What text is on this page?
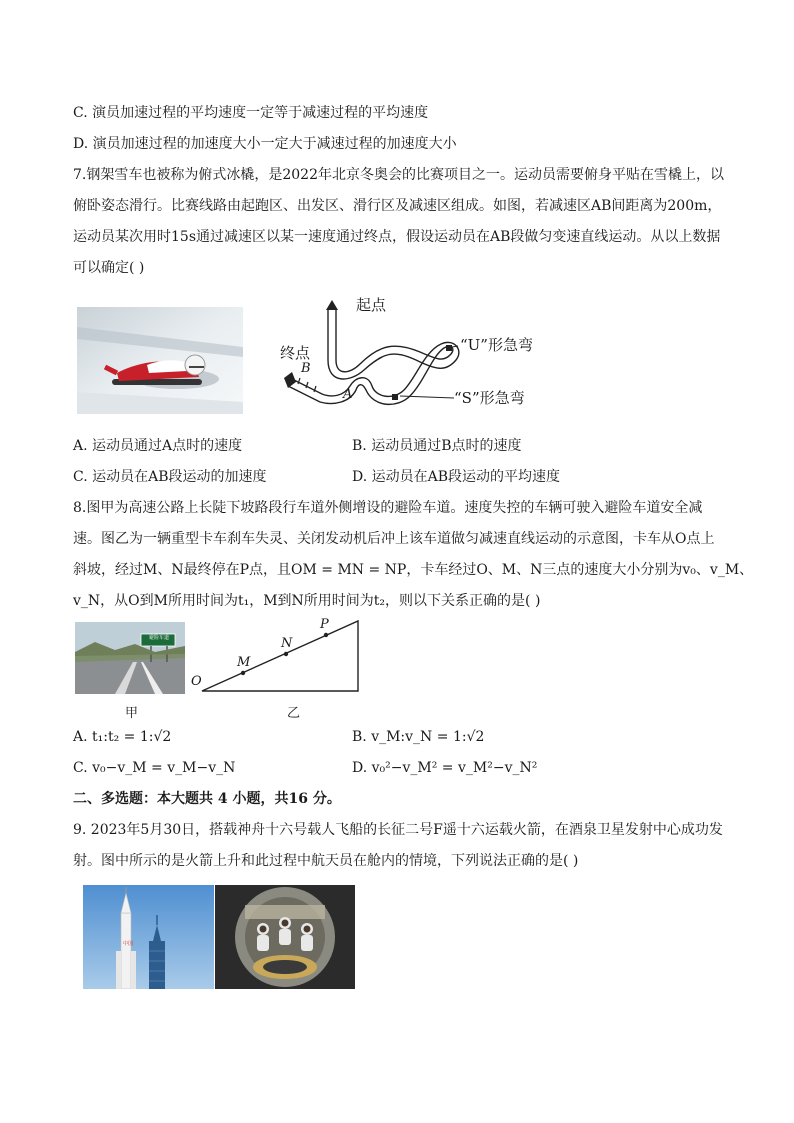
C. 演员加速过程的平均速度一定等于减速过程的平均速度
D. 演员加速过程的加速度大小一定大于减速过程的加速度大小
7.钢架雪车也被称为俯式冰橇，是2022年北京冬奥会的比赛项目之一。运动员需要俯身平贴在雪橇上，以
俯卧姿态滑行。比赛线路由起跑区、出发区、滑行区及减速区组成。如图，若减速区AB间距离为200m，
运动员某次用时15s通过减速区以某一速度通过终点，假设运动员在AB段做匀变速直线运动。从以上数据
可以确定( )
起点
终点
B
A
“U”形急弯
“S”形急弯
A. 运动员通过A点时的速度	B. 运动员通过B点时的速度
C. 运动员在AB段运动的加速度	D. 运动员在AB段运动的平均速度
8.图甲为高速公路上长陡下坡路段行车道外侧增设的避险车道。速度失控的车辆可驶入避险车道安全减
速。图乙为一辆重型卡车刹车失灵、关闭发动机后冲上该车道做匀减速直线运动的示意图，卡车从O点上
斜坡，经过M、N最终停在P点，且OM = MN = NP，卡车经过O、M、N三点的速度大小分别为v₀、v_M、
v_N，从O到M所用时间为t₁，M到N所用时间为t₂，则以下关系正确的是( )
避险车道
甲
O
M
N
P
乙
A. t₁:t₂ = 1:√2	B. v_M:v_N = 1:√2
C. v₀−v_M = v_M−v_N	D. v₀²−v_M² = v_M²−v_N²
二、多选题：本大题共 4 小题，共16 分。
9. 2023年5月30日，搭载神舟十六号载人飞船的长征二号F遥十六运载火箭，在酒泉卫星发射中心成功发
射。图中所示的是火箭上升和此过程中航天员在舱内的情境，下列说法正确的是( )
中国
